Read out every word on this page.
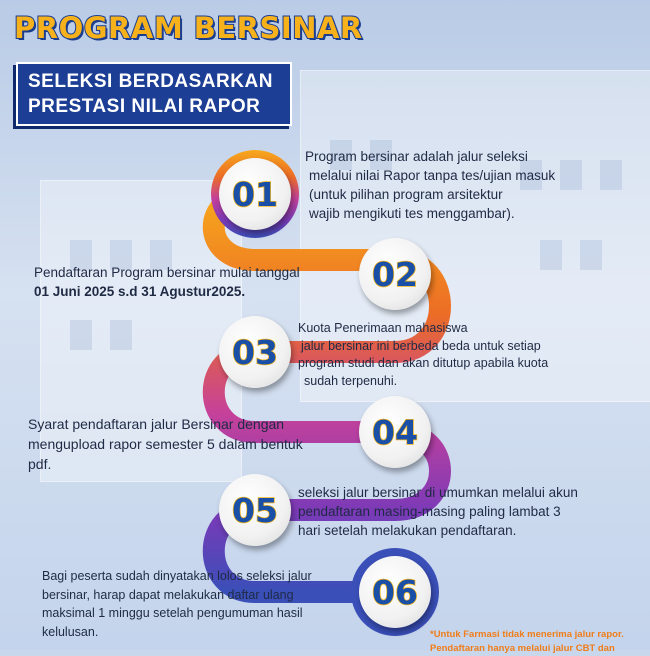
PROGRAM BERSINAR
SELEKSI BERDASARKAN
PRESTASI NILAI RAPOR
01
02
03
04
05
06
Program bersinar adalah jalur seleksi
melalui nilai Rapor tanpa tes/ujian masuk
(untuk pilihan program arsitektur
wajib mengikuti tes menggambar).
Pendaftaran Program bersinar mulai tanggal
01 Juni 2025 s.d 31 Agustur2025.
Kuota Penerimaan mahasiswa
jalur bersinar ini berbeda beda untuk setiap
program studi dan akan ditutup apabila kuota
sudah terpenuhi.
Syarat pendaftaran jalur Bersinar dengan
mengupload rapor semester 5 dalam bentuk
pdf.
seleksi jalur bersinar di umumkan melalui akun
pendaftaran masing-masing paling lambat 3
hari setelah melakukan pendaftaran.
Bagi peserta sudah dinyatakan lolos seleksi jalur
bersinar, harap dapat melakukan daftar ulang
maksimal 1 minggu setelah pengumuman hasil
kelulusan.	*Untuk Farmasi tidak menerima jalur rapor.
Pendaftaran hanya melalui jalur CBT dan
